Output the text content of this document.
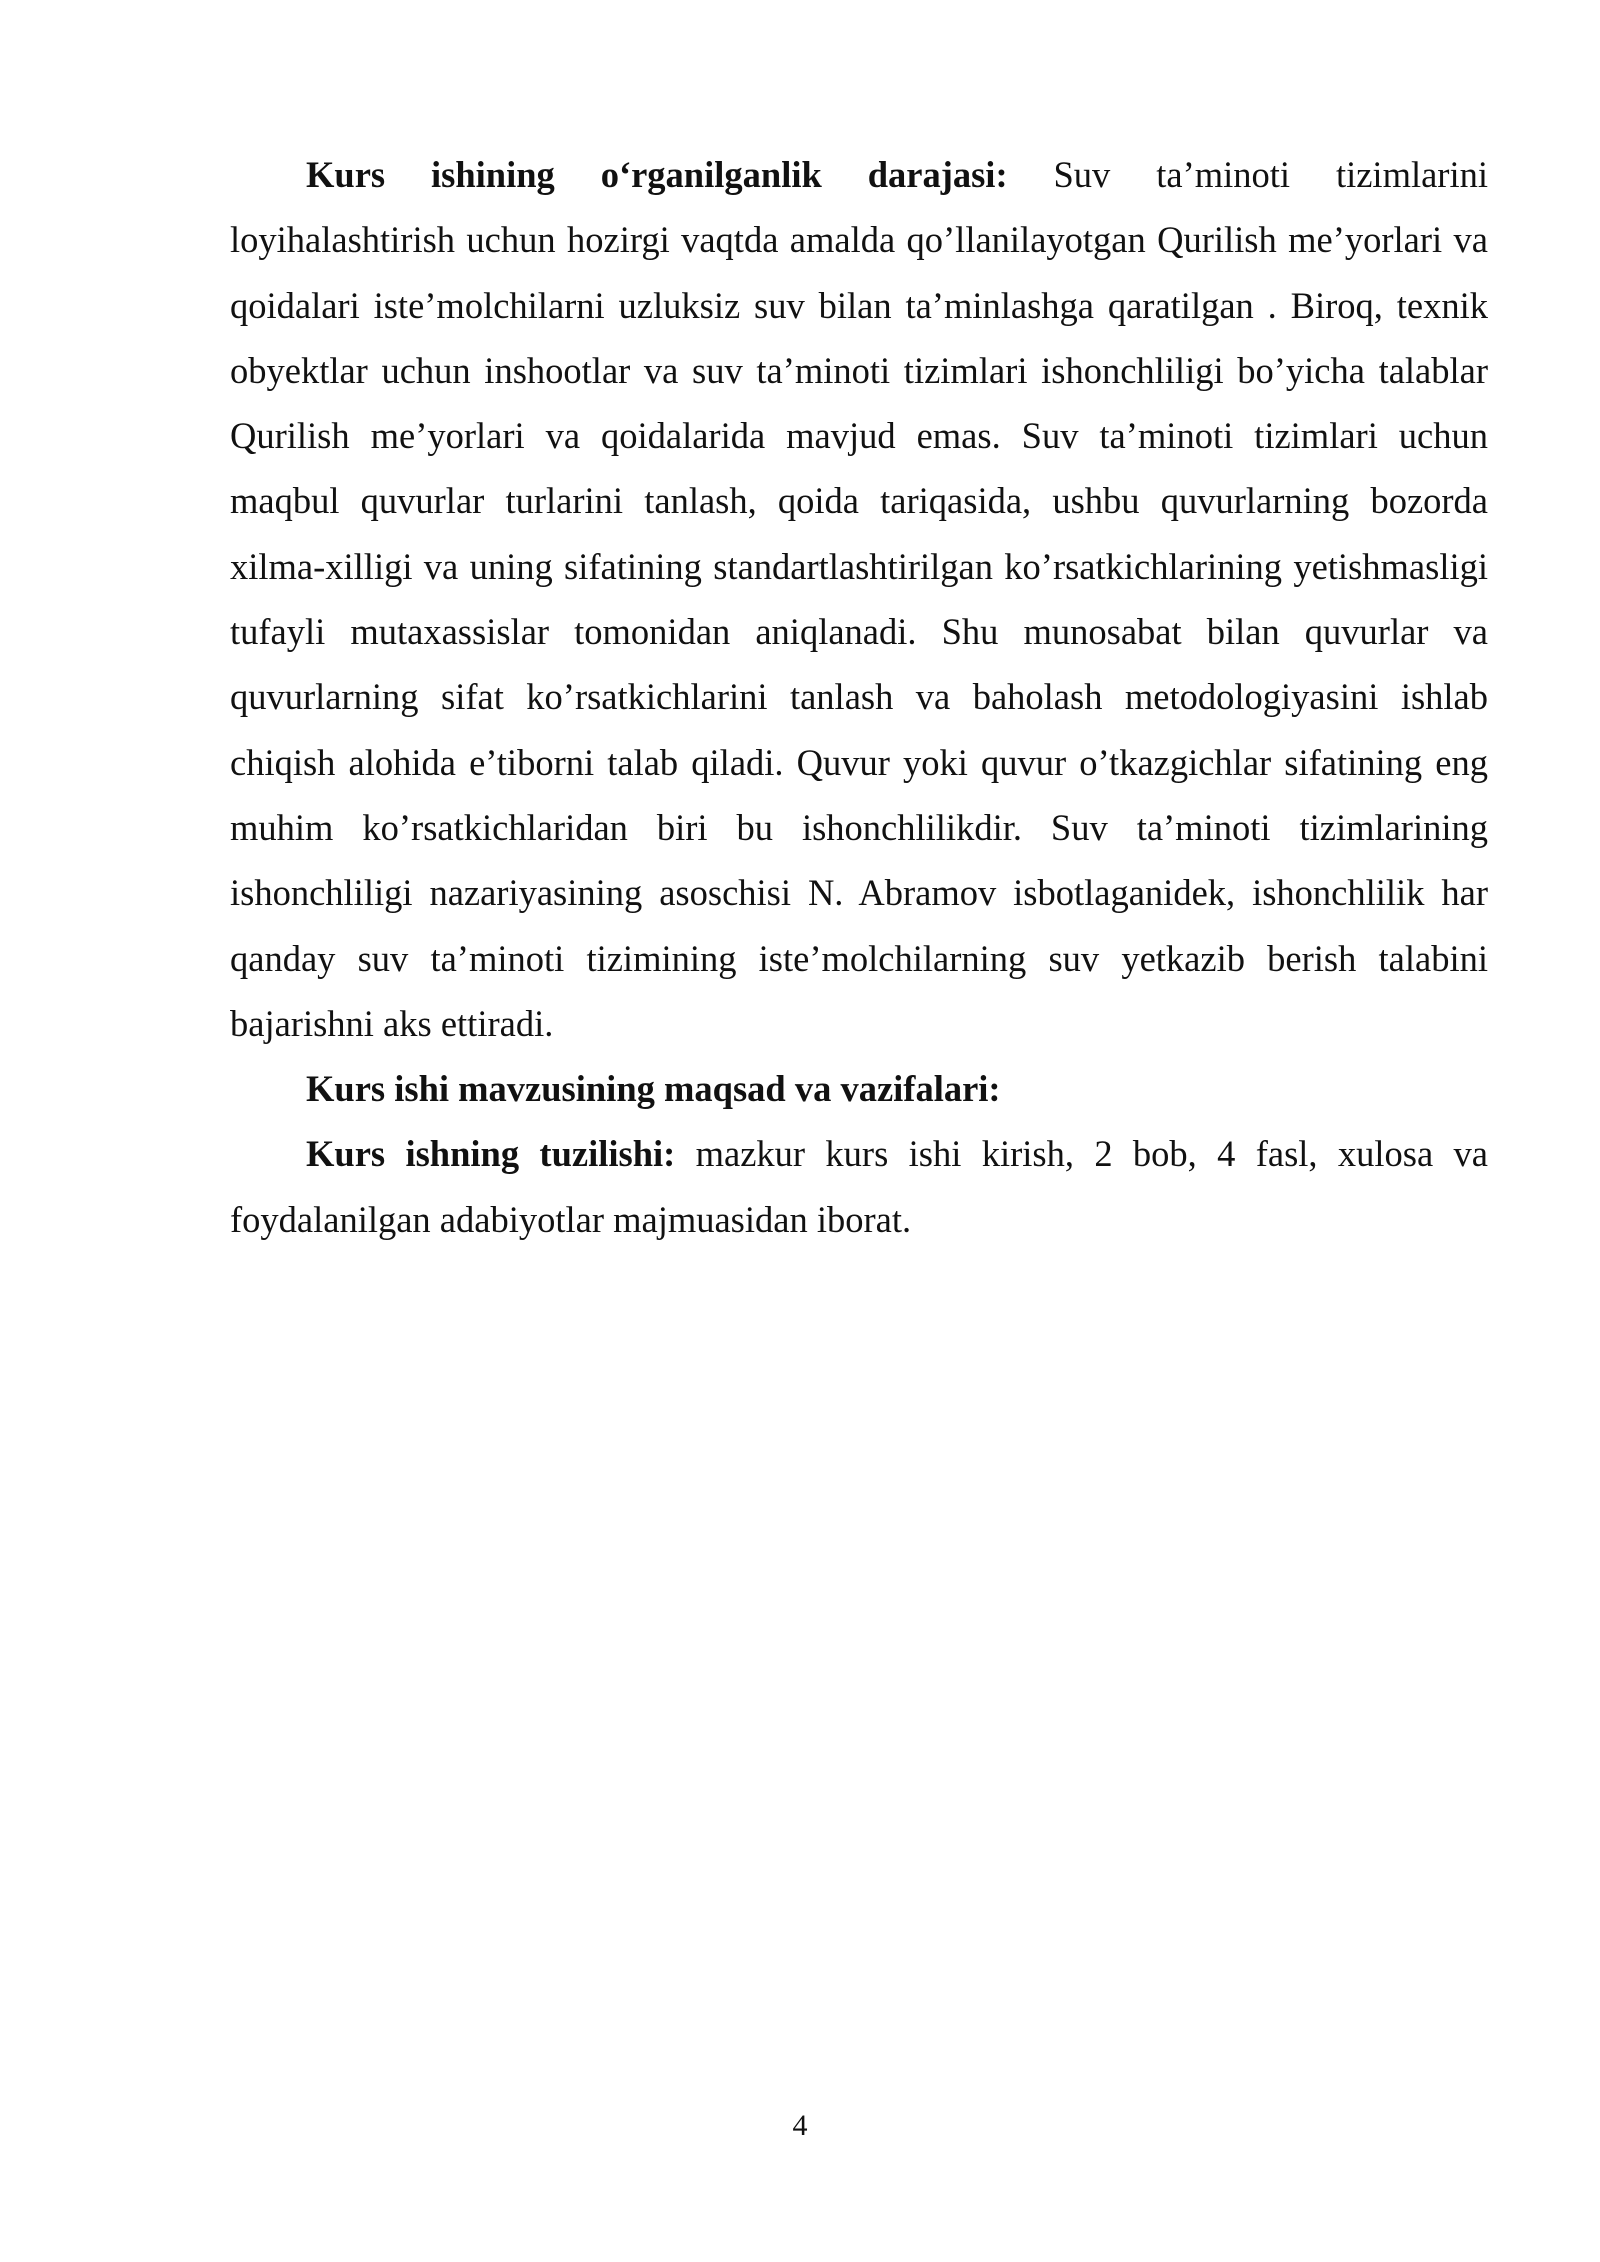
Kurs ishining o‘rganilganlik darajasi: Suv ta’minoti tizimlarini loyihalashtirish uchun hozirgi vaqtda amalda qo’llanilayotgan Qurilish me’yorlari va qoidalari iste’molchilarni uzluksiz suv bilan ta’minlashga qaratilgan . Biroq, texnik obyektlar uchun inshootlar va suv ta’minoti tizimlari ishonchliligi bo’yicha talablar Qurilish me’yorlari va qoidalarida mavjud emas. Suv ta’minoti tizimlari uchun maqbul quvurlar turlarini tanlash, qoida tariqasida, ushbu quvurlarning bozorda xilma-xilligi va uning sifatining standartlashtirilgan ko’rsatkichlarining yetishmasligi tufayli mutaxassislar tomonidan aniqlanadi. Shu munosabat bilan quvurlar va quvurlarning sifat ko’rsatkichlarini tanlash va baholash metodologiyasini ishlab chiqish alohida e’tiborni talab qiladi. Quvur yoki quvur o’tkazgichlar sifatining eng muhim ko’rsatkichlaridan biri bu ishonchlilikdir. Suv ta’minoti tizimlarining ishonchliligi nazariyasining asoschisi N. Abramov isbotlaganidek, ishonchlilik har qanday suv ta’minoti tizimining iste’molchilarning suv yetkazib berish talabini bajarishni aks ettiradi.

Kurs ishi mavzusining maqsad va vazifalari:

Kurs ishning tuzilishi: mazkur kurs ishi kirish, 2 bob, 4 fasl, xulosa va foydalanilgan adabiyotlar majmuasidan iborat.

4
